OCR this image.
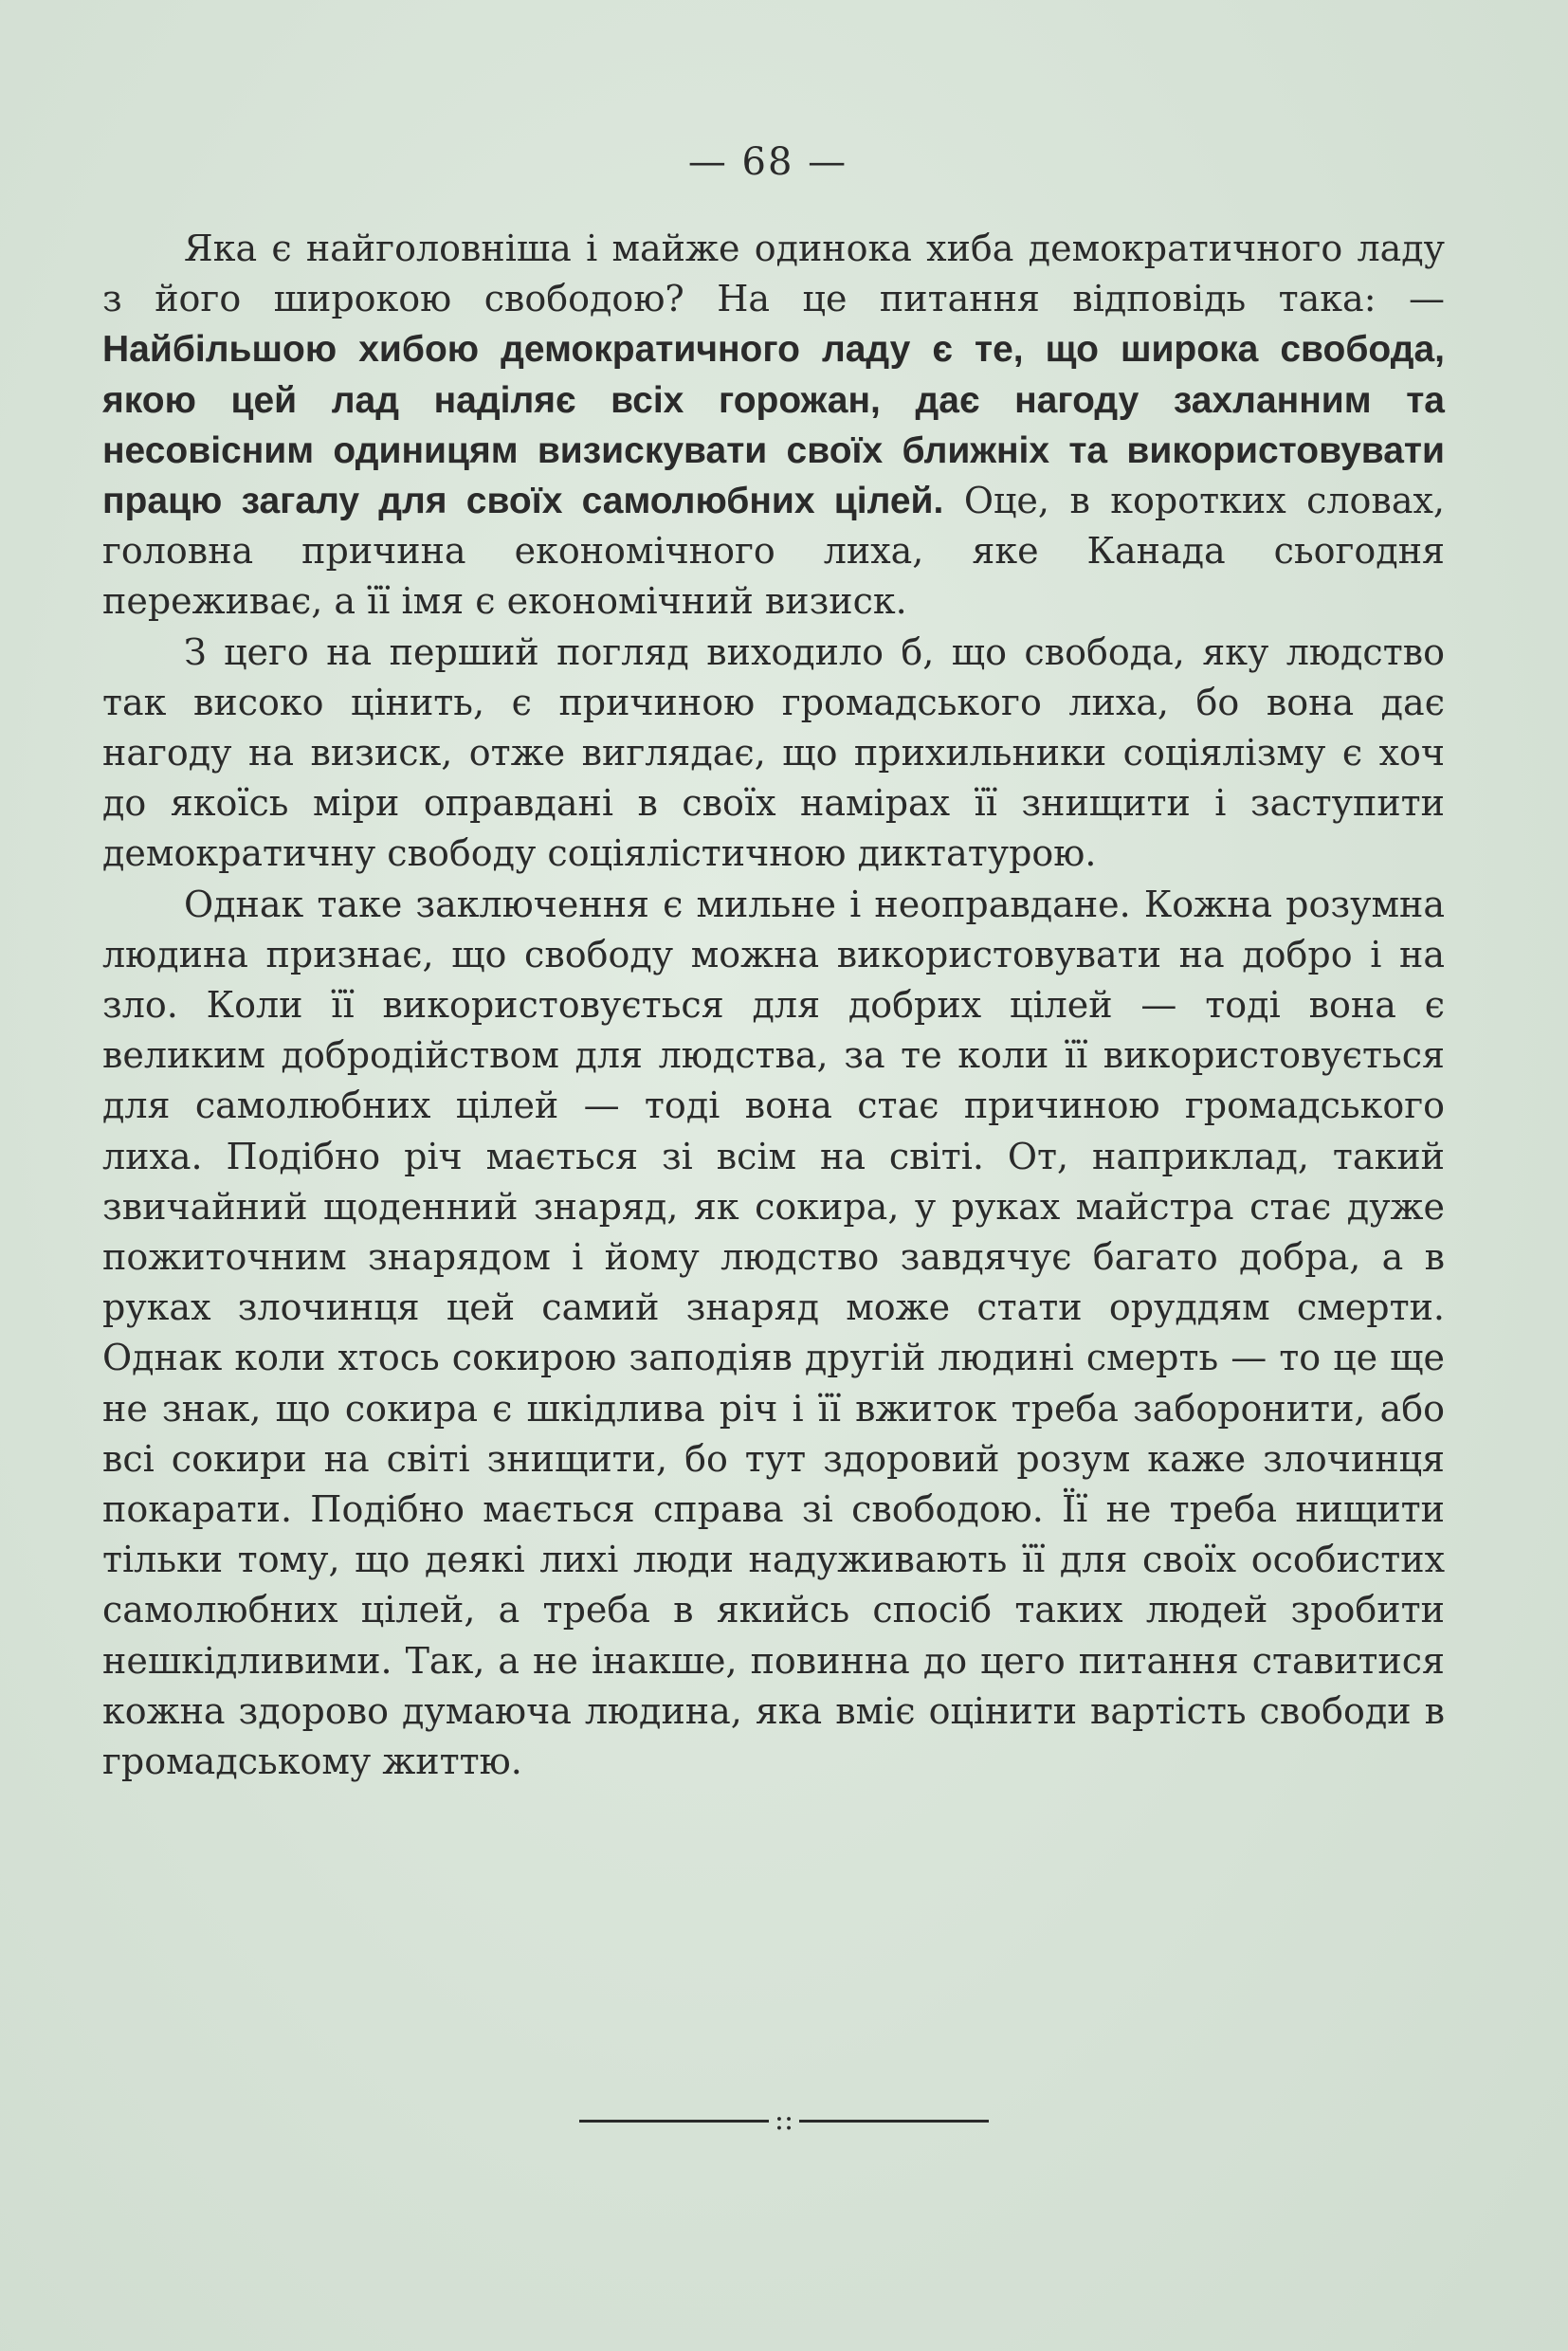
— 68 —

Яка є найголовніша і майже одинока хиба демократичного ладу з його широкою свободою? На це питання відповідь така: — Найбільшою хибою демократичного ладу є те, що широка свобода, якою цей лад наділяє всіх горожан, дає нагоду захланним та несовісним одиницям визискувати своїх ближніх та використовувати працю загалу для своїх самолюбних цілей. Оце, в коротких словах, головна причина економічного лиха, яке Канада сьогодня переживає, а її імя є економічний визиск.

З цего на перший погляд виходило б, що свобода, яку людство так високо цінить, є причиною громадського лиха, бо вона дає нагоду на визиск, отже виглядає, що прихильники соціялізму є хоч до якоїсь міри оправдані в своїх намірах її знищити і заступити демократичну свободу соціялістичною диктатурою.

Однак таке заключення є мильне і неоправдане. Кожна розумна людина признає, що свободу можна використовувати на добро і на зло. Коли її використовується для добрих цілей — тоді вона є великим добродійством для людства, за те коли її використовується для самолюбних цілей — тоді вона стає причиною громадського лиха. Подібно річ мається зі всім на світі. От, наприклад, такий звичайний щоденний знаряд, як сокира, у руках майстра стає дуже пожиточним знарядом і йому людство завдячує багато добра, а в руках злочинця цей самий знаряд може стати оруддям смерти. Однак коли хтось сокирою заподіяв другій людині смерть — то це ще не знак, що сокира є шкідлива річ і її вжиток треба заборонити, або всі сокири на світі знищити, бо тут здоровий розум каже злочинця покарати. Подібно мається справа зі свободою. Її не треба нищити тільки тому, що деякі лихі люди надуживають її для своїх особистих самолюбних цілей, а треба в якийсь спосіб таких людей зробити нешкідливими. Так, а не інакше, повинна до цего питання ставитися кожна здорово думаюча людина, яка вміє оцінити вартість свободи в громадському життю.

::
